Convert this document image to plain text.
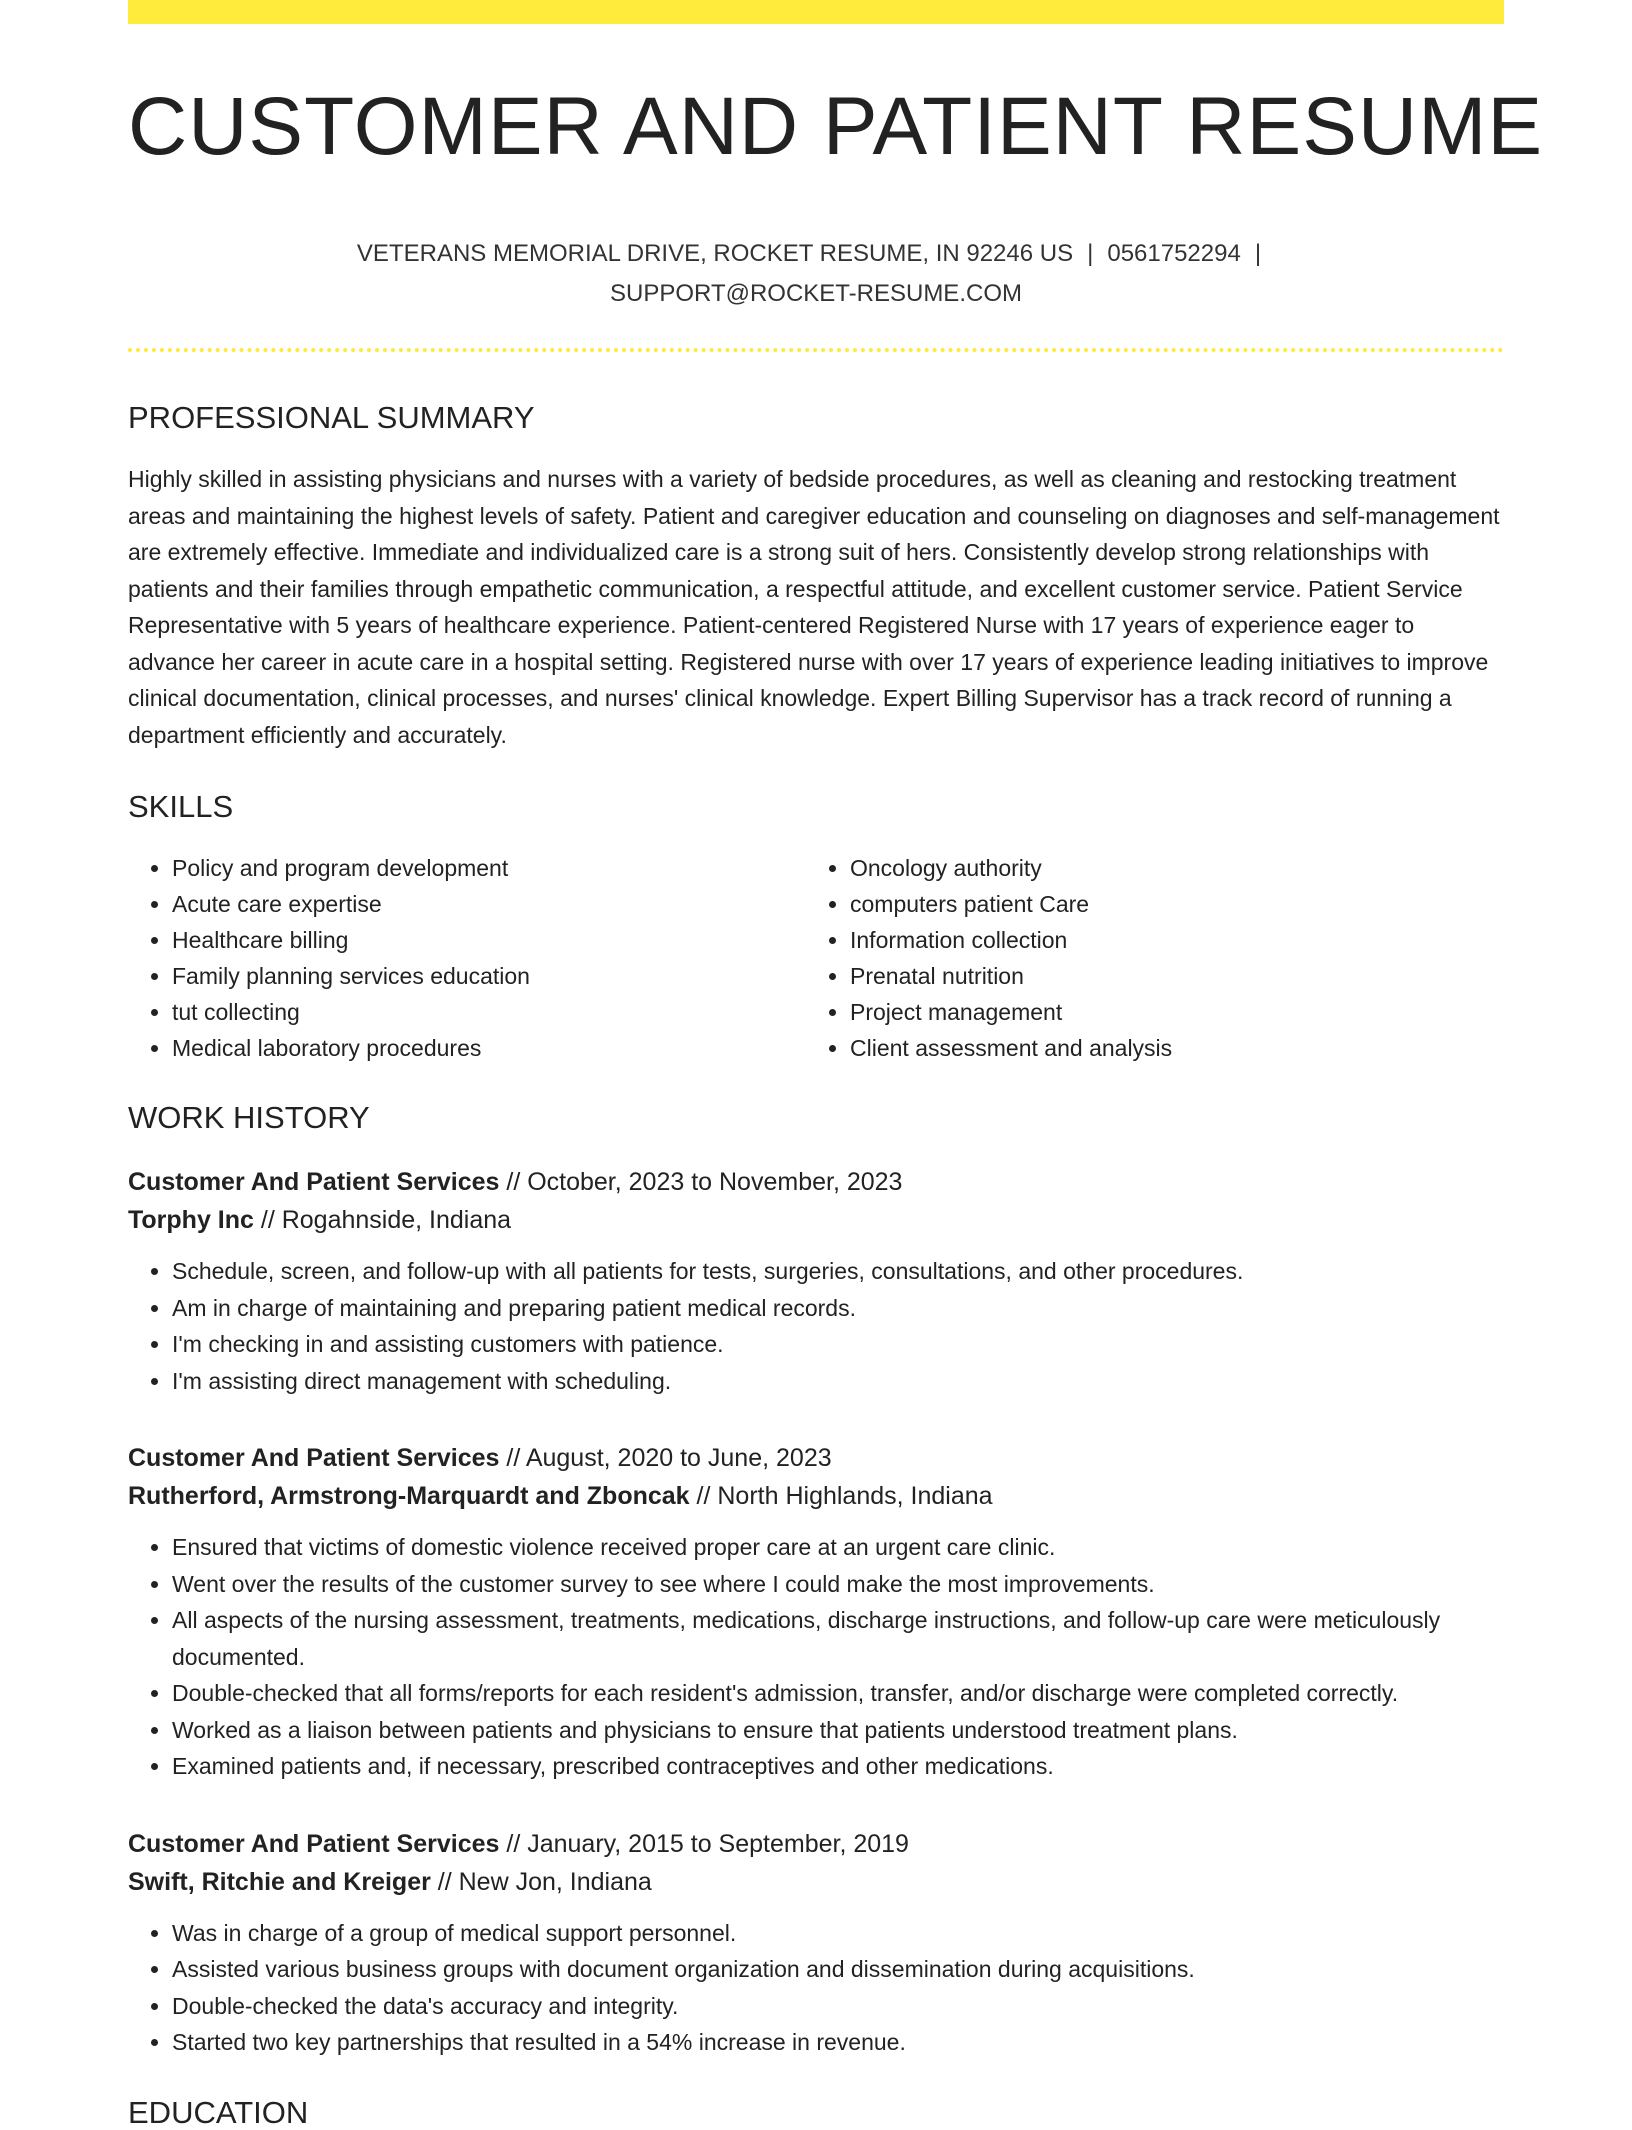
CUSTOMER AND PATIENT RESUME
VETERANS MEMORIAL DRIVE, ROCKET RESUME, IN 92246 US | 0561752294 |
SUPPORT@ROCKET-RESUME.COM
PROFESSIONAL SUMMARY
Highly skilled in assisting physicians and nurses with a variety of bedside procedures, as well as cleaning and restocking treatment areas and maintaining the highest levels of safety. Patient and caregiver education and counseling on diagnoses and self-management are extremely effective. Immediate and individualized care is a strong suit of hers. Consistently develop strong relationships with patients and their families through empathetic communication, a respectful attitude, and excellent customer service. Patient Service Representative with 5 years of healthcare experience. Patient-centered Registered Nurse with 17 years of experience eager to advance her career in acute care in a hospital setting. Registered nurse with over 17 years of experience leading initiatives to improve clinical documentation, clinical processes, and nurses' clinical knowledge. Expert Billing Supervisor has a track record of running a department efficiently and accurately.
SKILLS
• Policy and program development
• Acute care expertise
• Healthcare billing
• Family planning services education
• tut collecting
• Medical laboratory procedures
• Oncology authority
• computers patient Care
• Information collection
• Prenatal nutrition
• Project management
• Client assessment and analysis
WORK HISTORY
Customer And Patient Services // October, 2023 to November, 2023
Torphy Inc // Rogahnside, Indiana
• Schedule, screen, and follow-up with all patients for tests, surgeries, consultations, and other procedures.
• Am in charge of maintaining and preparing patient medical records.
• I'm checking in and assisting customers with patience.
• I'm assisting direct management with scheduling.
Customer And Patient Services // August, 2020 to June, 2023
Rutherford, Armstrong-Marquardt and Zboncak // North Highlands, Indiana
• Ensured that victims of domestic violence received proper care at an urgent care clinic.
• Went over the results of the customer survey to see where I could make the most improvements.
• All aspects of the nursing assessment, treatments, medications, discharge instructions, and follow-up care were meticulously documented.
• Double-checked that all forms/reports for each resident's admission, transfer, and/or discharge were completed correctly.
• Worked as a liaison between patients and physicians to ensure that patients understood treatment plans.
• Examined patients and, if necessary, prescribed contraceptives and other medications.
Customer And Patient Services // January, 2015 to September, 2019
Swift, Ritchie and Kreiger // New Jon, Indiana
• Was in charge of a group of medical support personnel.
• Assisted various business groups with document organization and dissemination during acquisitions.
• Double-checked the data's accuracy and integrity.
• Started two key partnerships that resulted in a 54% increase in revenue.
EDUCATION
